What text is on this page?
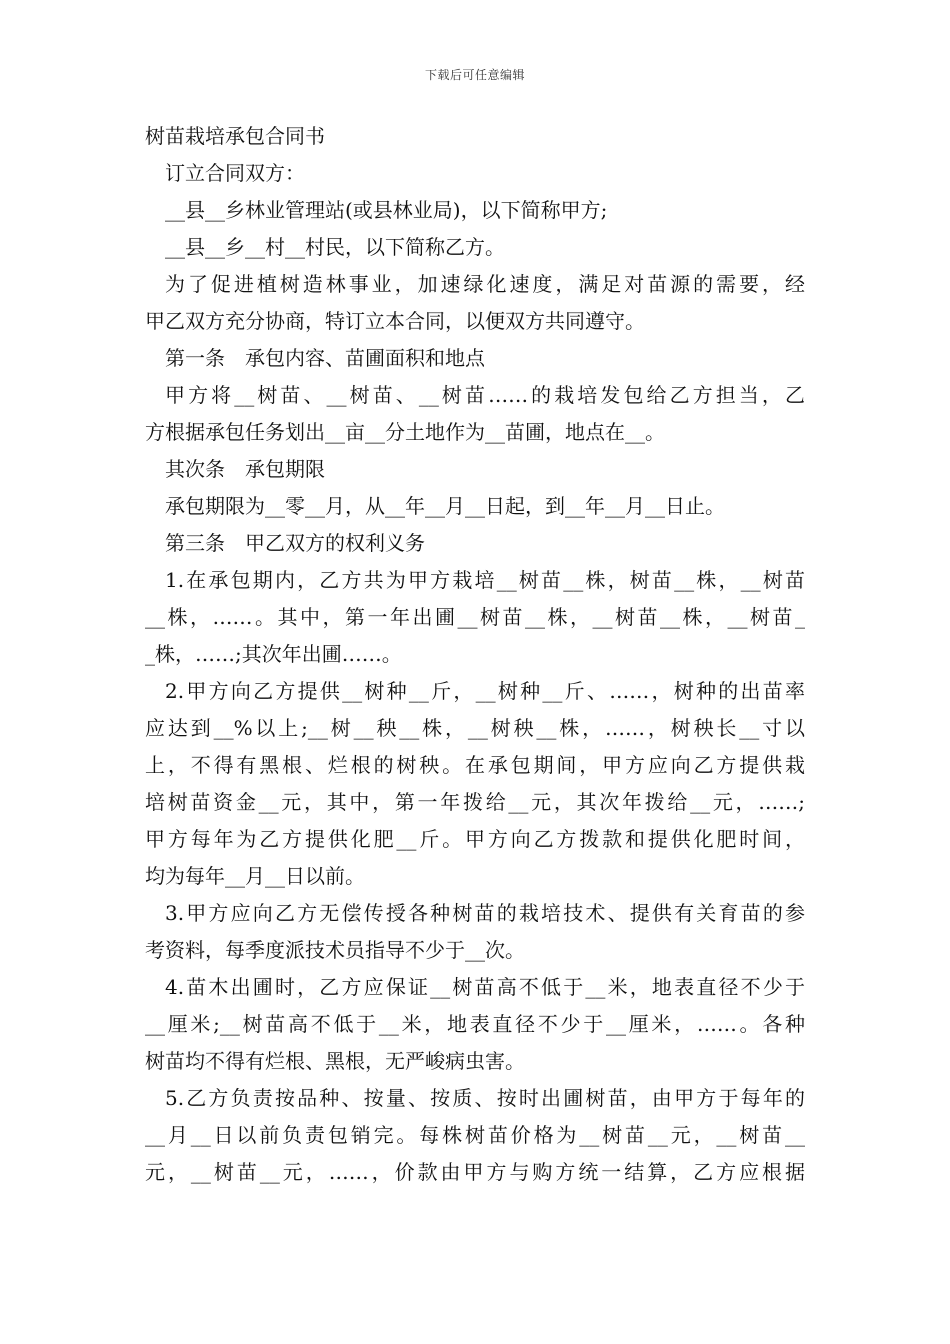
下载后可任意编辑
树苗栽培承包合同书
订立合同双方：
__县__乡林业管理站(或县林业局)，以下简称甲方;
__县__乡__村__村民，以下简称乙方。
为了促进植树造林事业，加速绿化速度，满足对苗源的需要，经
甲乙双方充分协商，特订立本合同，以便双方共同遵守。
第一条　承包内容、苗圃面积和地点
甲方将__树苗、__树苗、__树苗……的栽培发包给乙方担当，乙
方根据承包任务划出__亩__分土地作为__苗圃，地点在__。
其次条　承包期限
承包期限为__零__月，从__年__月__日起，到__年__月__日止。
第三条　甲乙双方的权利义务
1.在承包期内，乙方共为甲方栽培__树苗__株，树苗__株，__树苗
__株，……。其中，第一年出圃__树苗__株，__树苗__株，__树苗_
_株，……;其次年出圃……。
2.甲方向乙方提供__树种__斤，__树种__斤、……，树种的出苗率
应达到__%以上;__树__秧__株，__树秧__株，……，树秧长__寸以
上，不得有黑根、烂根的树秧。在承包期间，甲方应向乙方提供栽
培树苗资金__元，其中，第一年拨给__元，其次年拨给__元，……;
甲方每年为乙方提供化肥__斤。甲方向乙方拨款和提供化肥时间，
均为每年__月__日以前。
3.甲方应向乙方无偿传授各种树苗的栽培技术、提供有关育苗的参
考资料，每季度派技术员指导不少于__次。
4.苗木出圃时，乙方应保证__树苗高不低于__米，地表直径不少于
__厘米;__树苗高不低于__米，地表直径不少于__厘米，……。各种
树苗均不得有烂根、黑根，无严峻病虫害。
5.乙方负责按品种、按量、按质、按时出圃树苗，由甲方于每年的
__月__日以前负责包销完。每株树苗价格为__树苗__元，__树苗__
元，__树苗__元，……，价款由甲方与购方统一结算，乙方应根据
